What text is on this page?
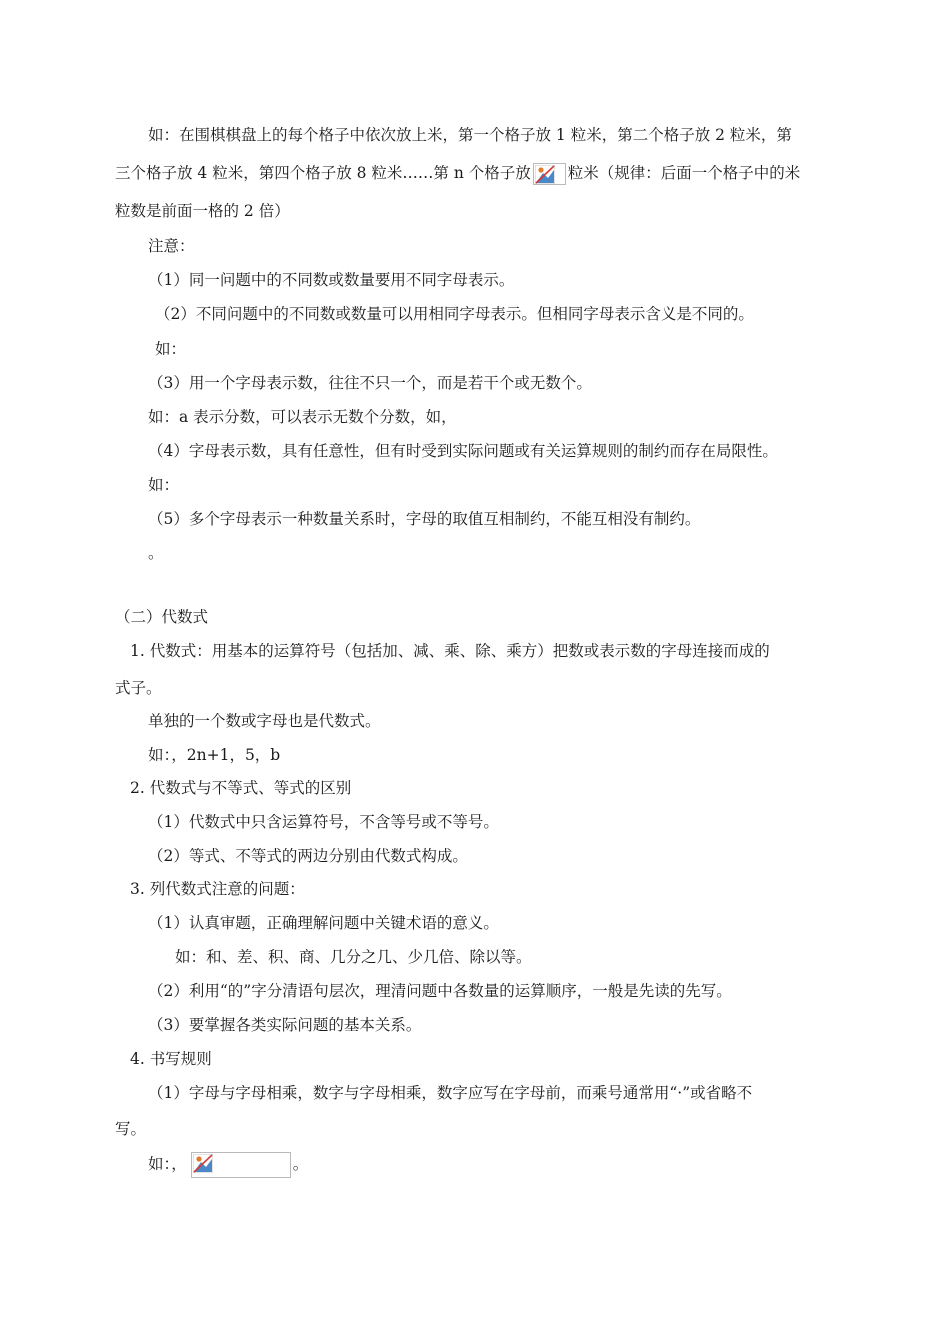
如：在围棋棋盘上的每个格子中依次放上米，第一个格子放 1 粒米，第二个格子放 2 粒米，第
三个格子放 4 粒米，第四个格子放 8 粒米……第 n 个格子放 粒米（规律：后面一个格子中的米
粒数是前面一格的 2 倍）
注意：
（1）同一问题中的不同数或数量要用不同字母表示。
（2）不同问题中的不同数或数量可以用相同字母表示。但相同字母表示含义是不同的。
如：
（3）用一个字母表示数，往往不只一个，而是若干个或无数个。
如：a 表示分数，可以表示无数个分数，如，
（4）字母表示数，具有任意性，但有时受到实际问题或有关运算规则的制约而存在局限性。
如：
（5）多个字母表示一种数量关系时，字母的取值互相制约，不能互相没有制约。
。
（二）代数式
1. 代数式：用基本的运算符号（包括加、减、乘、除、乘方）把数或表示数的字母连接而成的
式子。
单独的一个数或字母也是代数式。
如：，2n+1，5，b
2. 代数式与不等式、等式的区别
（1）代数式中只含运算符号，不含等号或不等号。
（2）等式、不等式的两边分别由代数式构成。
3. 列代数式注意的问题：
（1）认真审题，正确理解问题中关键术语的意义。
如：和、差、积、商、几分之几、少几倍、除以等。
（2）利用“的”字分清语句层次，理清问题中各数量的运算顺序，一般是先读的先写。
（3）要掌握各类实际问题的基本关系。
4. 书写规则
（1）字母与字母相乘，数字与字母相乘，数字应写在字母前，而乘号通常用“·”或省略不
写。
如：，	。
